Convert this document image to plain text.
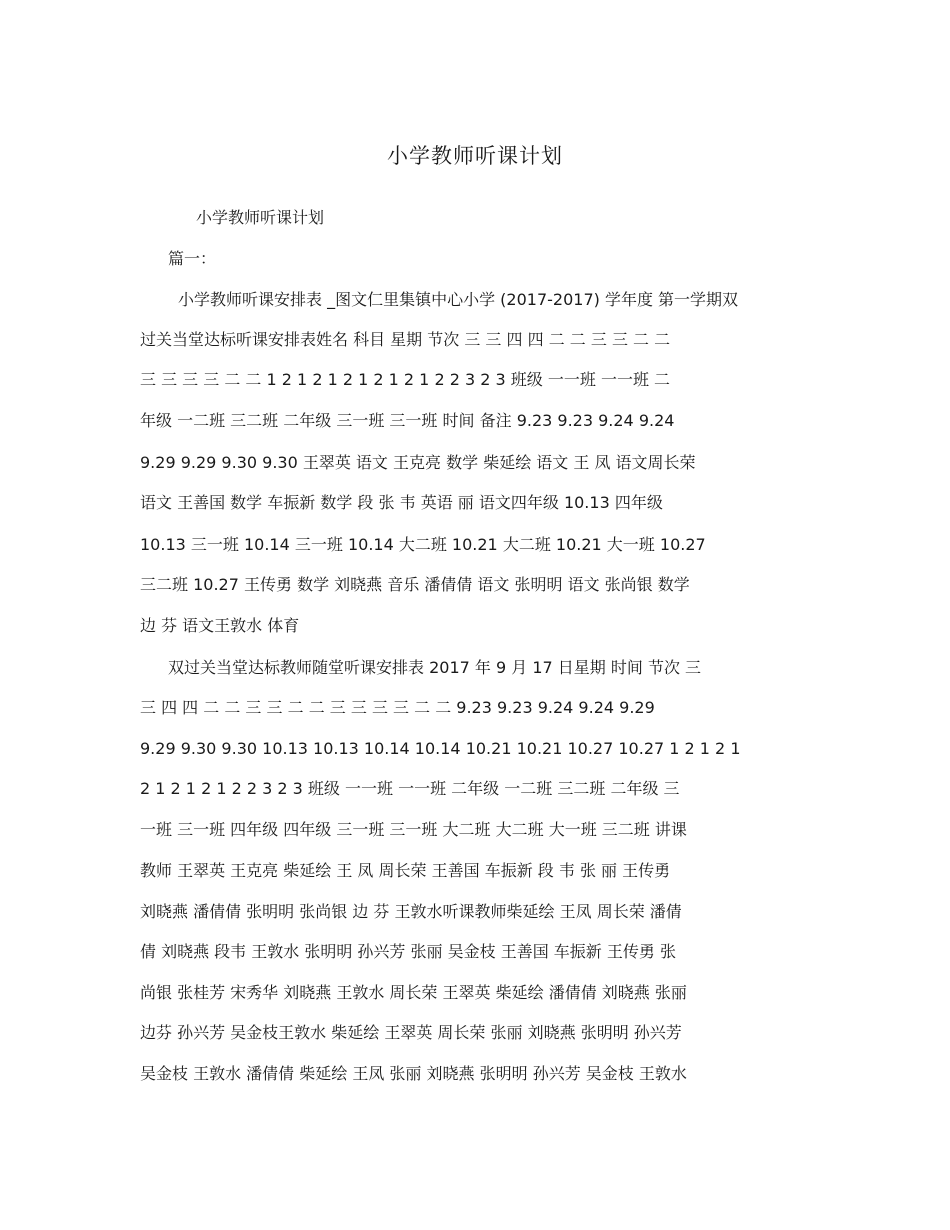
小学教师听课计划
小学教师听课计划
篇一：
小学教师听课安排表 _图文仁里集镇中心小学 (2017-2017) 学年度 第一学期双
过关当堂达标听课安排表姓名 科目 星期 节次 三 三 四 四 二 二 三 三 二 二
三 三 三 三 二 二 1 2 1 2 1 2 1 2 1 2 1 2 2 3 2 3 班级 一一班 一一班 二
年级 一二班 三二班 二年级 三一班 三一班 时间 备注 9.23 9.23 9.24 9.24
9.29 9.29 9.30 9.30 王翠英 语文 王克亮 数学 柴延绘 语文 王 凤 语文周长荣
语文 王善国 数学 车振新 数学 段 张 韦 英语 丽 语文四年级 10.13 四年级
10.13 三一班 10.14 三一班 10.14 大二班 10.21 大二班 10.21 大一班 10.27
三二班 10.27 王传勇 数学 刘晓燕 音乐 潘倩倩 语文 张明明 语文 张尚银 数学
边 芬 语文王敦水 体育
双过关当堂达标教师随堂听课安排表 2017 年 9 月 17 日星期 时间 节次 三
三 四 四 二 二 三 三 二 二 三 三 三 三 二 二 9.23 9.23 9.24 9.24 9.29
9.29 9.30 9.30 10.13 10.13 10.14 10.14 10.21 10.21 10.27 10.27 1 2 1 2 1
2 1 2 1 2 1 2 2 3 2 3 班级 一一班 一一班 二年级 一二班 三二班 二年级 三
一班 三一班 四年级 四年级 三一班 三一班 大二班 大二班 大一班 三二班 讲课
教师 王翠英 王克亮 柴延绘 王 凤 周长荣 王善国 车振新 段 韦 张 丽 王传勇
刘晓燕 潘倩倩 张明明 张尚银 边 芬 王敦水听课教师柴延绘 王凤 周长荣 潘倩
倩 刘晓燕 段韦 王敦水 张明明 孙兴芳 张丽 吴金枝 王善国 车振新 王传勇 张
尚银 张桂芳 宋秀华 刘晓燕 王敦水 周长荣 王翠英 柴延绘 潘倩倩 刘晓燕 张丽
边芬 孙兴芳 吴金枝王敦水 柴延绘 王翠英 周长荣 张丽 刘晓燕 张明明 孙兴芳
吴金枝 王敦水 潘倩倩 柴延绘 王凤 张丽 刘晓燕 张明明 孙兴芳 吴金枝 王敦水
